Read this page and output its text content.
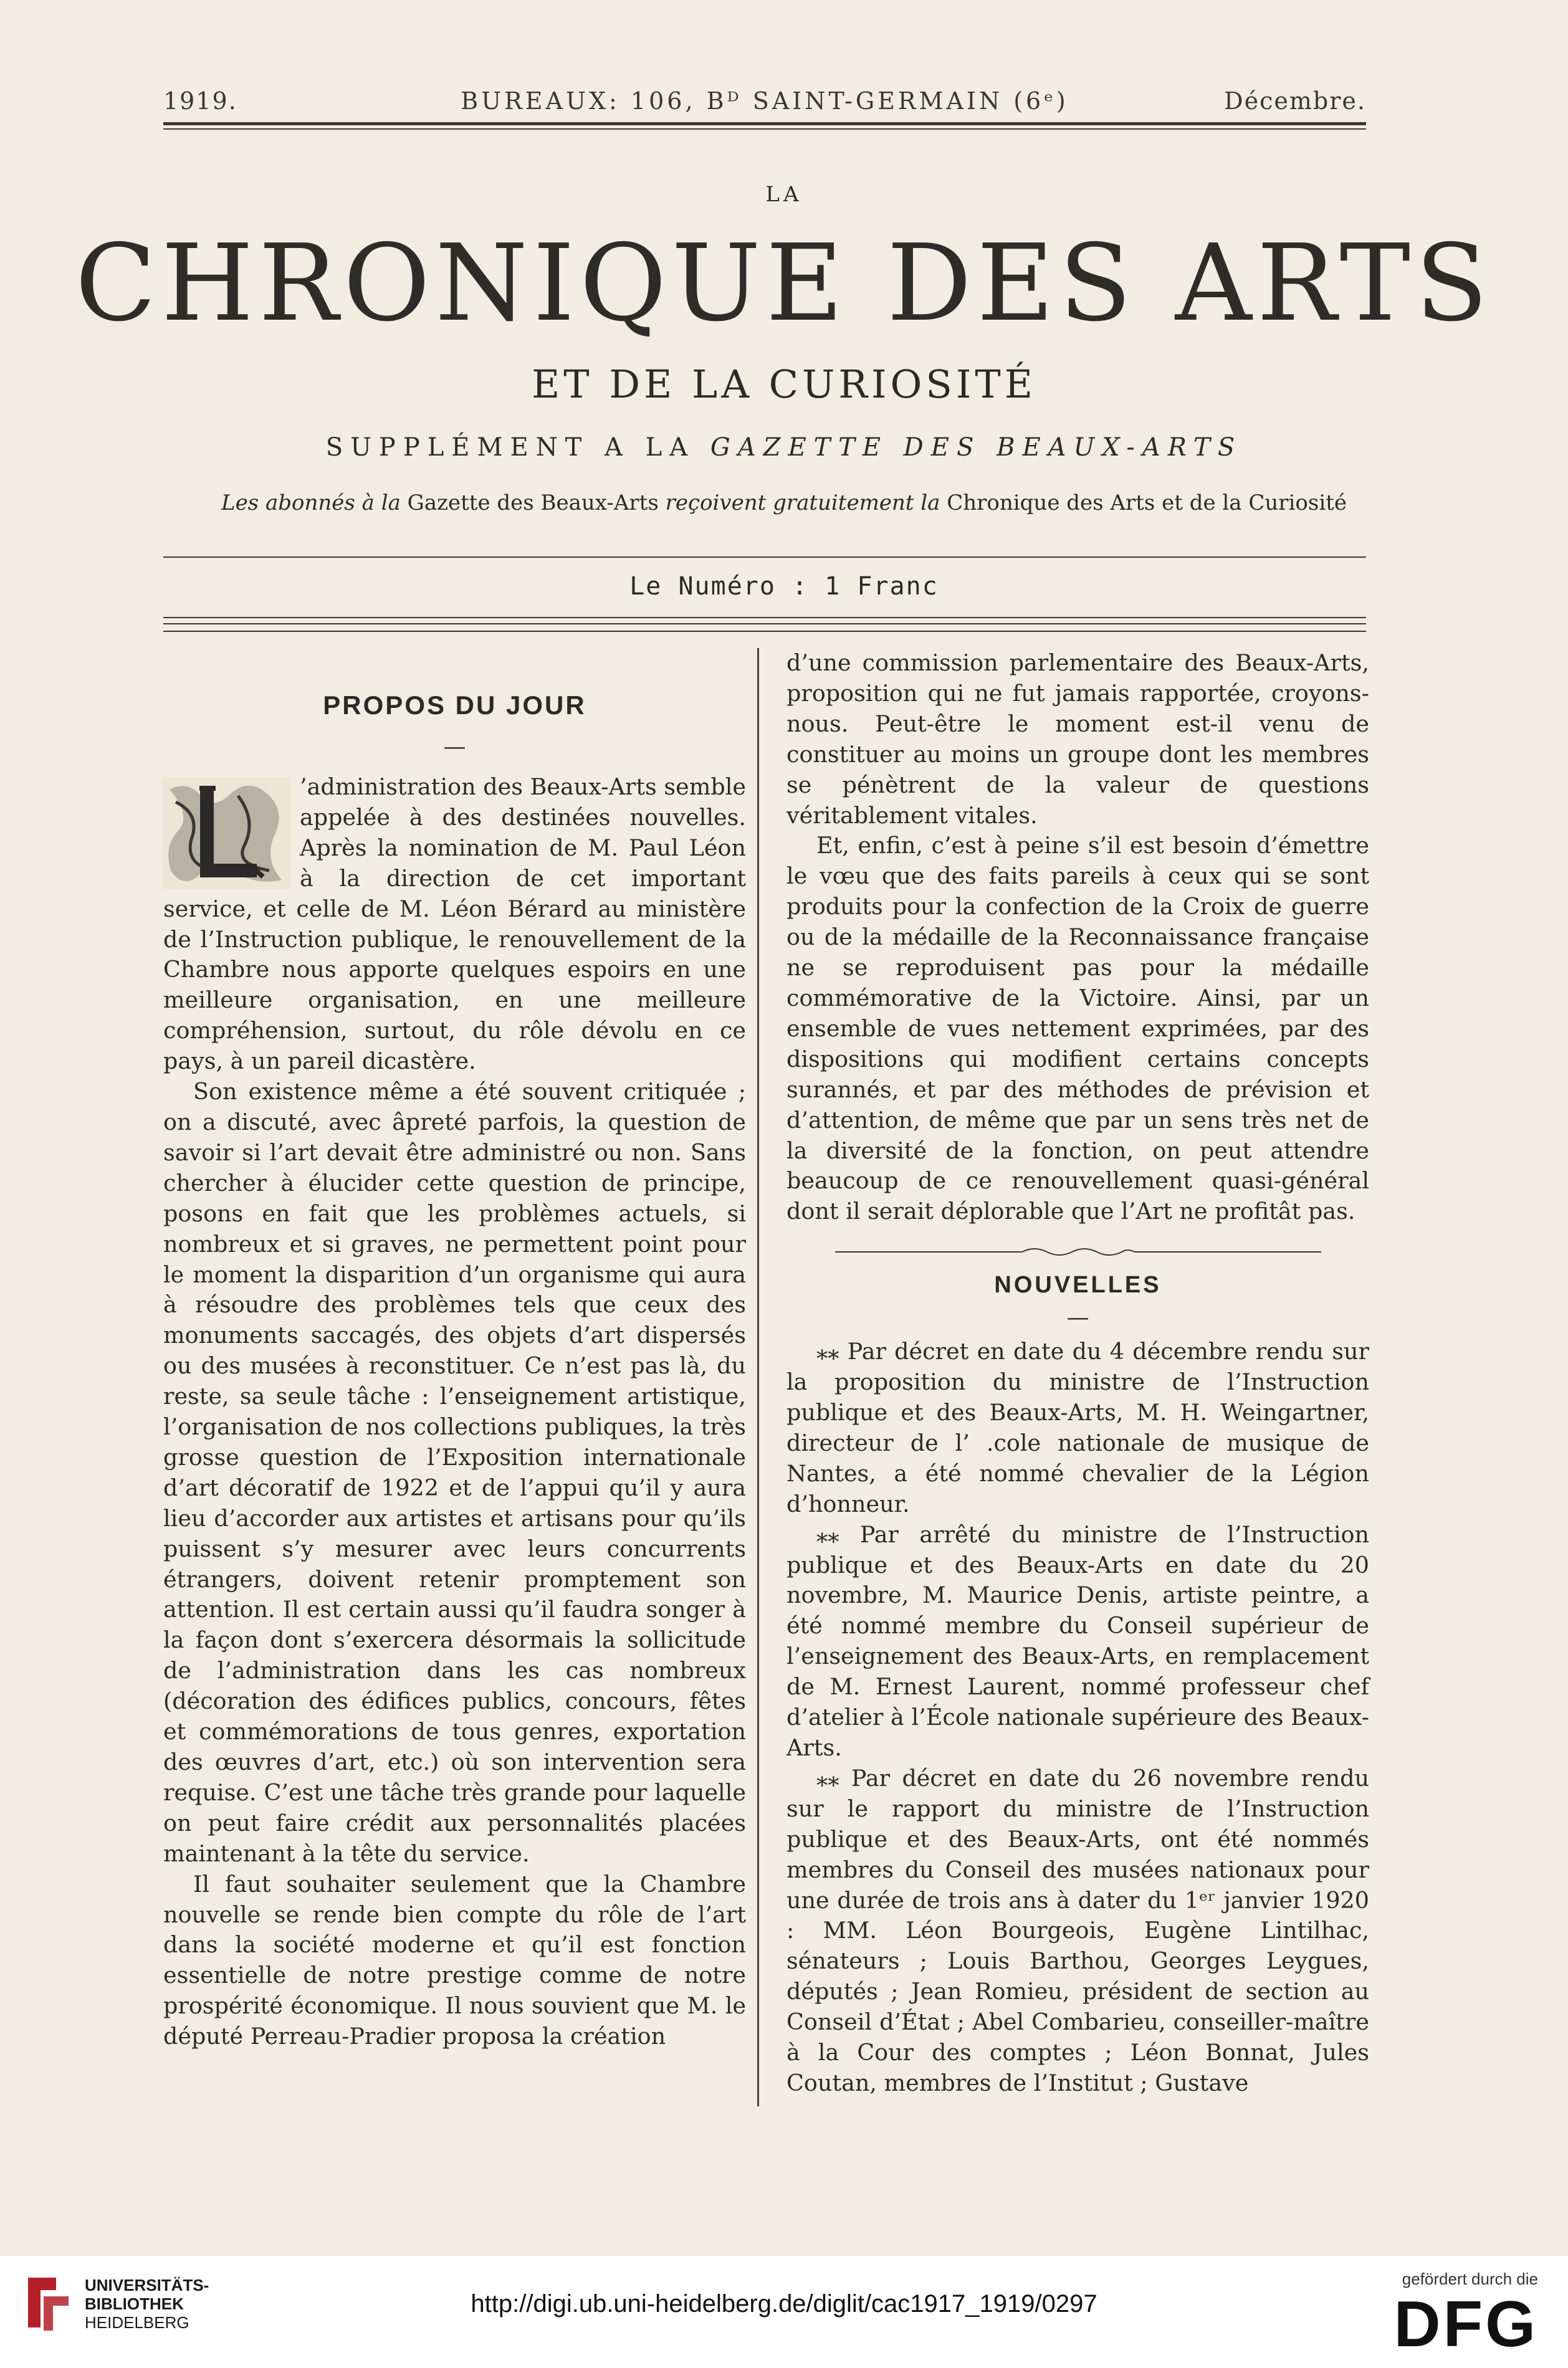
1919.	BUREAUX: 106, Bᴰ SAINT-GERMAIN (6ᵉ)	Décembre.
LA
CHRONIQUE DES ARTS
ET DE LA CURIOSITÉ
SUPPLÉMENT A LA GAZETTE DES BEAUX-ARTS
Les abonnés à la Gazette des Beaux-Arts reçoivent gratuitement la Chronique des Arts et de la Curiosité
Le Numéro : 1 Franc
PROPOS DU JOUR
—

’administration des Beaux-Arts semble appelée à des destinées nouvelles. Après la nomination de M. Paul Léon à la direction de cet important service, et celle de M. Léon Bérard au ministère de l’Instruction publique, le renouvellement de la Chambre nous apporte quelques espoirs en une meilleure organisation, en une meilleure compréhension, surtout, du rôle dévolu en ce pays, à un pareil dicastère.

Son existence même a été souvent critiquée ; on a discuté, avec âpreté parfois, la question de savoir si l’art devait être administré ou non. Sans chercher à élucider cette question de principe, posons en fait que les problèmes actuels, si nombreux et si graves, ne permettent point pour le moment la disparition d’un organisme qui aura à résoudre des problèmes tels que ceux des monuments saccagés, des objets d’art dispersés ou des musées à reconstituer. Ce n’est pas là, du reste, sa seule tâche : l’enseignement artistique, l’organisation de nos collections publiques, la très grosse question de l’Exposition internationale d’art décoratif de 1922 et de l’appui qu’il y aura lieu d’accorder aux artistes et artisans pour qu’ils puissent s’y mesurer avec leurs concurrents étrangers, doivent retenir promptement son attention. Il est certain aussi qu’il faudra songer à la façon dont s’exercera désormais la sollicitude de l’administration dans les cas nombreux (décoration des édifices publics, concours, fêtes et commémorations de tous genres, exportation des œuvres d’art, etc.) où son intervention sera requise. C’est une tâche très grande pour laquelle on peut faire crédit aux personnalités placées maintenant à la tête du service.

Il faut souhaiter seulement que la Chambre nouvelle se rende bien compte du rôle de l’art dans la société moderne et qu’il est fonction essentielle de notre prestige comme de notre prospérité économique. Il nous souvient que M. le député Perreau-Pradier proposa la création

d’une commission parlementaire des Beaux-Arts, proposition qui ne fut jamais rapportée, croyons-nous. Peut-être le moment est-il venu de constituer au moins un groupe dont les membres se pénètrent de la valeur de questions véritablement vitales.

Et, enfin, c’est à peine s’il est besoin d’émettre le vœu que des faits pareils à ceux qui se sont produits pour la confection de la Croix de guerre ou de la médaille de la Reconnaissance française ne se reproduisent pas pour la médaille commémorative de la Victoire. Ainsi, par un ensemble de vues nettement exprimées, par des dispositions qui modifient certains concepts surannés, et par des méthodes de prévision et d’attention, de même que par un sens très net de la diversité de la fonction, on peut attendre beaucoup de ce renouvellement quasi-général dont il serait déplorable que l’Art ne profitât pas.

NOUVELLES
—

⁎⁎ Par décret en date du 4 décembre rendu sur la proposition du ministre de l’Instruction publique et des Beaux-Arts, M. H. Weingartner, directeur de l’ .cole nationale de musique de Nantes, a été nommé chevalier de la Légion d’honneur.

⁎⁎ Par arrêté du ministre de l’Instruction publique et des Beaux-Arts en date du 20 novembre, M. Maurice Denis, artiste peintre, a été nommé membre du Conseil supérieur de l’enseignement des Beaux-Arts, en remplacement de M. Ernest Laurent, nommé professeur chef d’atelier à l’École nationale supérieure des Beaux-Arts.

⁎⁎ Par décret en date du 26 novembre rendu sur le rapport du ministre de l’Instruction publique et des Beaux-Arts, ont été nommés membres du Conseil des musées nationaux pour une durée de trois ans à dater du 1ᵉʳ janvier 1920 : MM. Léon Bourgeois, Eugène Lintilhac, sénateurs ; Louis Barthou, Georges Leygues, députés ; Jean Romieu, président de section au Conseil d’État ; Abel Combarieu, conseiller-maître à la Cour des comptes ; Léon Bonnat, Jules Coutan, membres de l’Institut ; Gustave

UNIVERSITÄTS-
BIBLIOTHEK
HEIDELBERG
http://digi.ub.uni-heidelberg.de/diglit/cac1917_1919/0297
gefördert durch die
DFG
